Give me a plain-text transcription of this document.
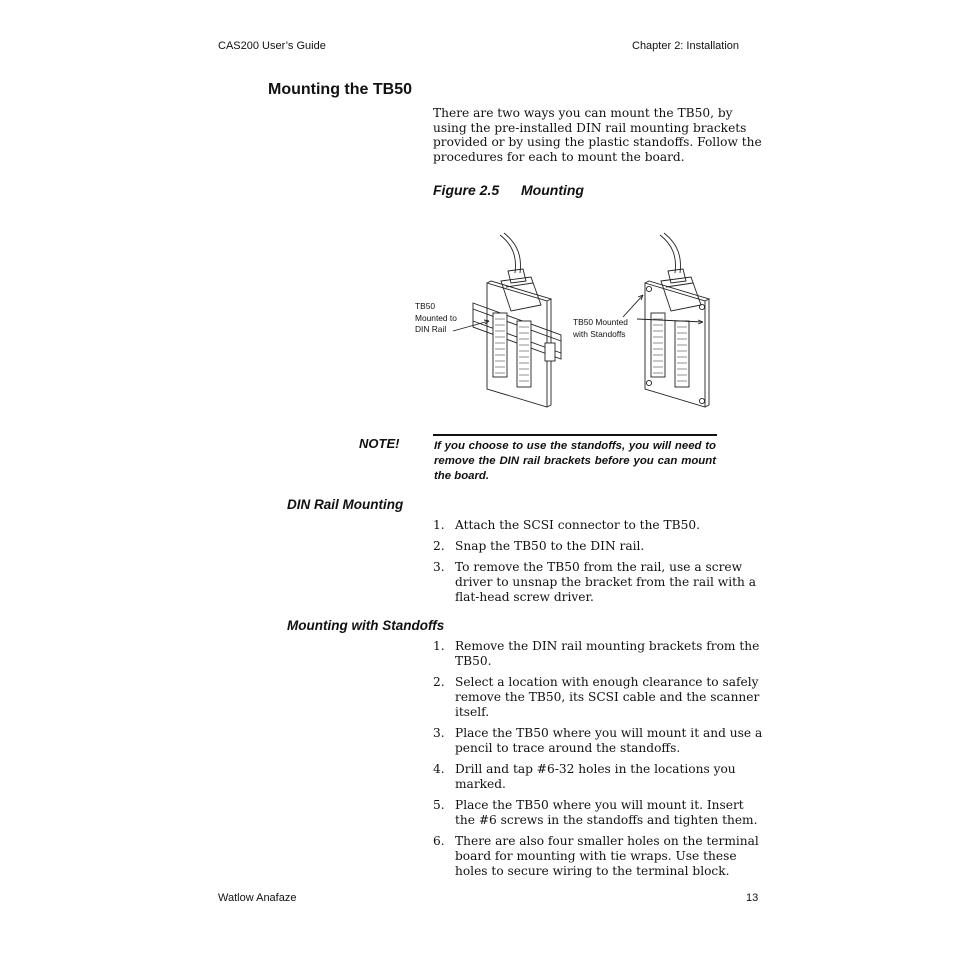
CAS200 User’s Guide	Chapter 2: Installation
Mounting the TB50
There are two ways you can mount the TB50, by using the pre-installed DIN rail mounting brackets provided or by using the plastic standoffs. Follow the procedures for each to mount the board.
Figure 2.5 Mounting
TB50
Mounted to
DIN Rail
TB50 Mounted
with Standoffs
NOTE!	If you choose to use the standoffs, you will need to remove the DIN rail brackets before you can mount the board.
DIN Rail Mounting
1. Attach the SCSI connector to the TB50.
2. Snap the TB50 to the DIN rail.
3. To remove the TB50 from the rail, use a screw driver to unsnap the bracket from the rail with a flat-head screw driver.
Mounting with Standoffs
1. Remove the DIN rail mounting brackets from the TB50.
2. Select a location with enough clearance to safely remove the TB50, its SCSI cable and the scanner itself.
3. Place the TB50 where you will mount it and use a pencil to trace around the standoffs.
4. Drill and tap #6-32 holes in the locations you marked.
5. Place the TB50 where you will mount it. Insert the #6 screws in the standoffs and tighten them.
6. There are also four smaller holes on the terminal board for mounting with tie wraps. Use these holes to secure wiring to the terminal block.
Watlow Anafaze	13
